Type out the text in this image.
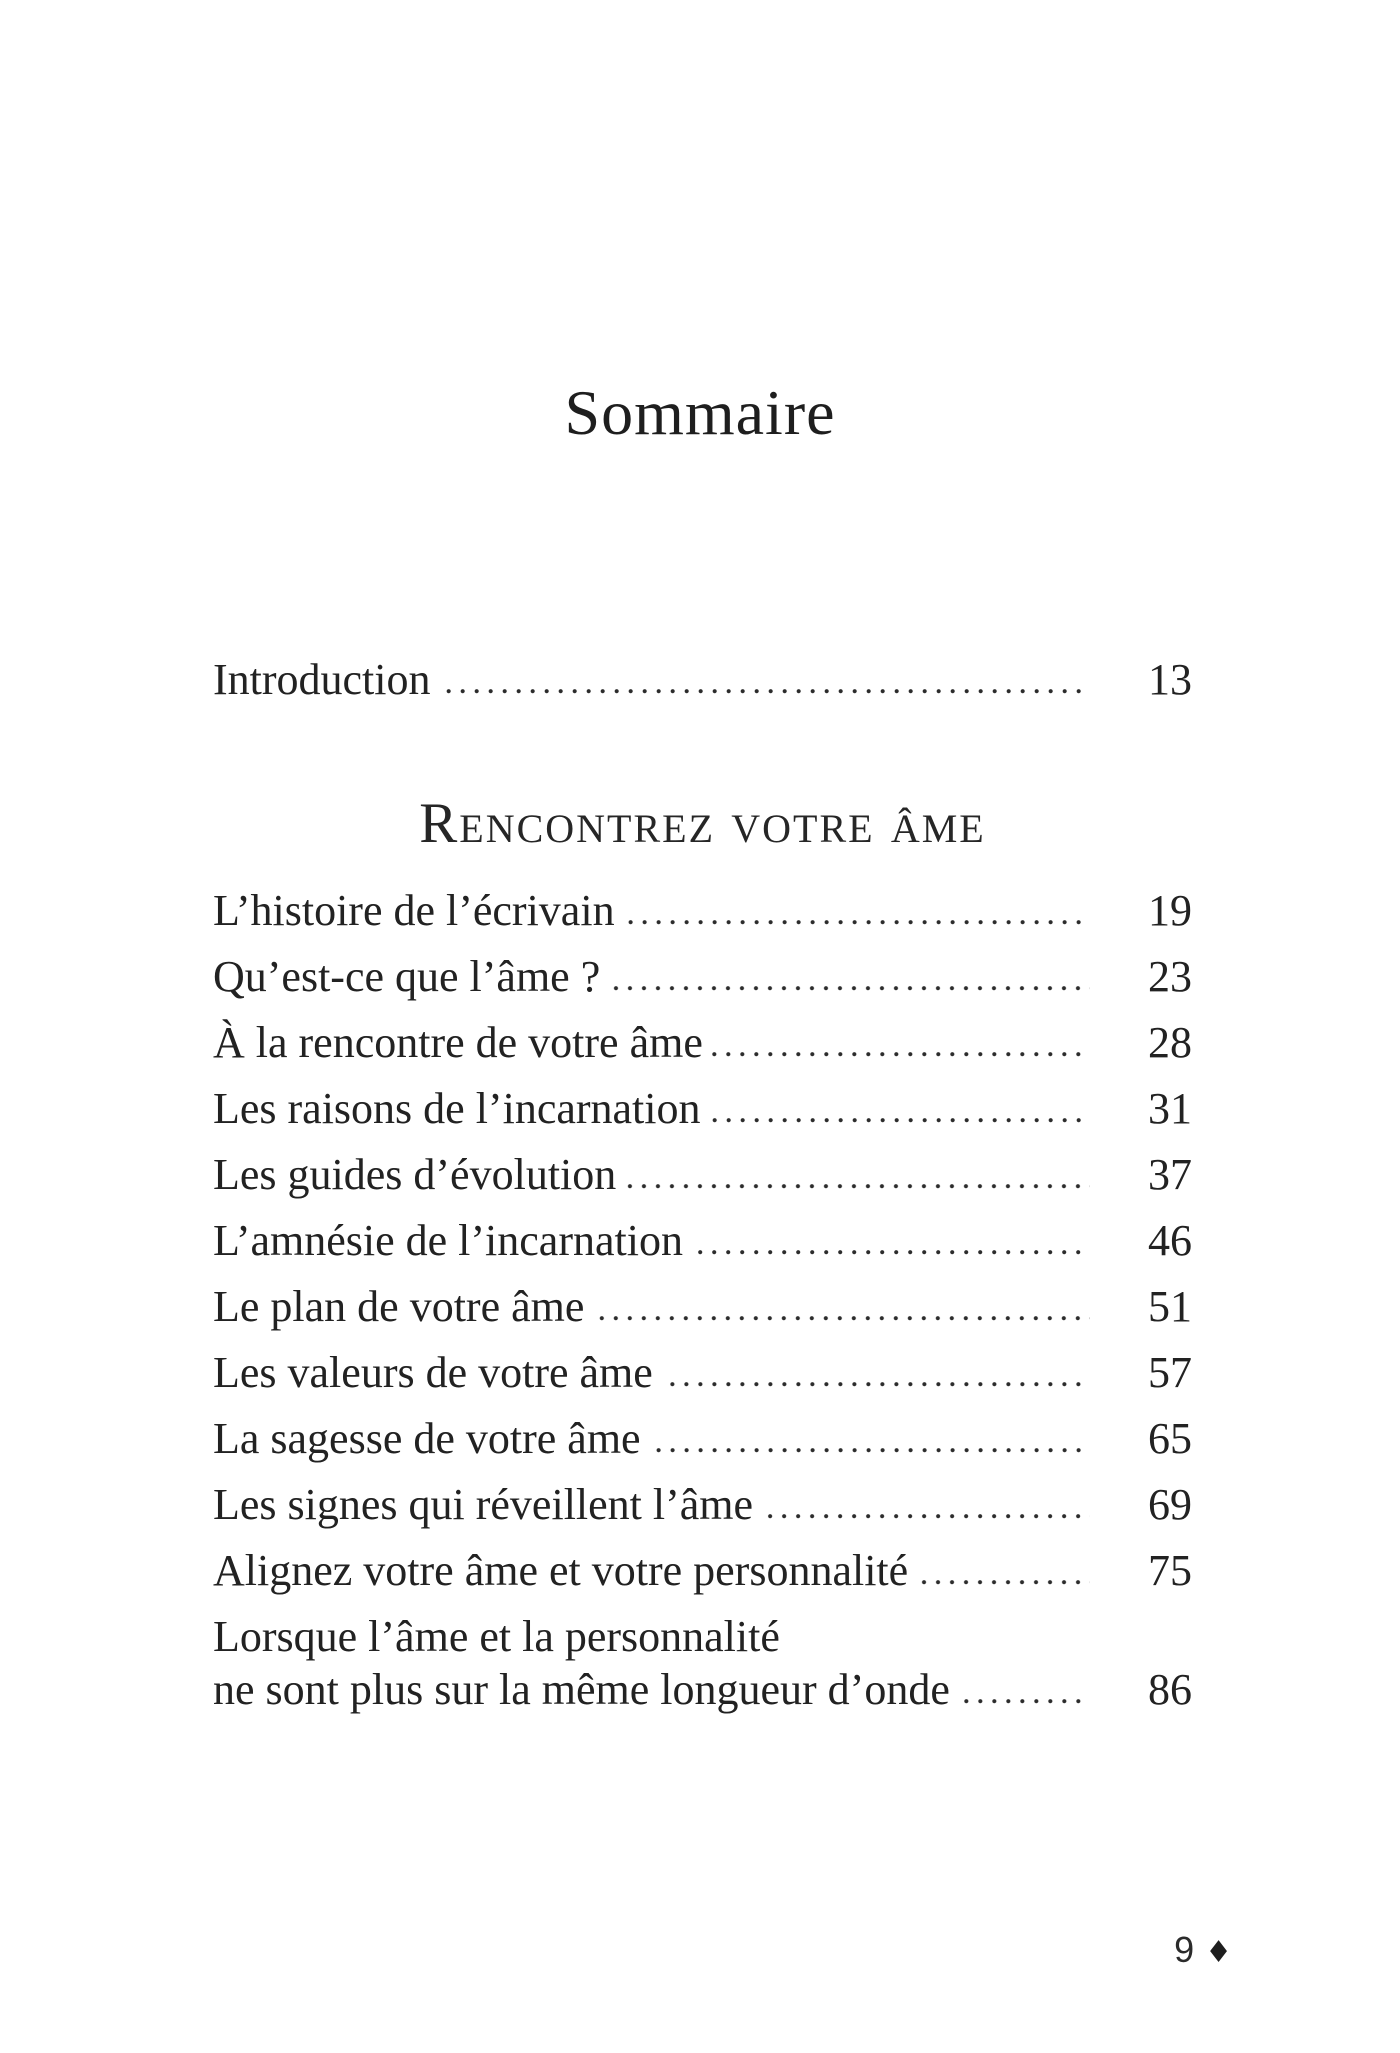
Sommaire
Introduction	13
Rencontrez votre âme
L’histoire de l’écrivain	19
Qu’est-ce que l’âme ?	23
À la rencontre de votre âme	28
Les raisons de l’incarnation	31
Les guides d’évolution	37
L’amnésie de l’incarnation	46
Le plan de votre âme	51
Les valeurs de votre âme	57
La sagesse de votre âme	65
Les signes qui réveillent l’âme	69
Alignez votre âme et votre personnalité	75
Lorsque l’âme et la personnalité
ne sont plus sur la même longueur d’onde	86
9 ♦
